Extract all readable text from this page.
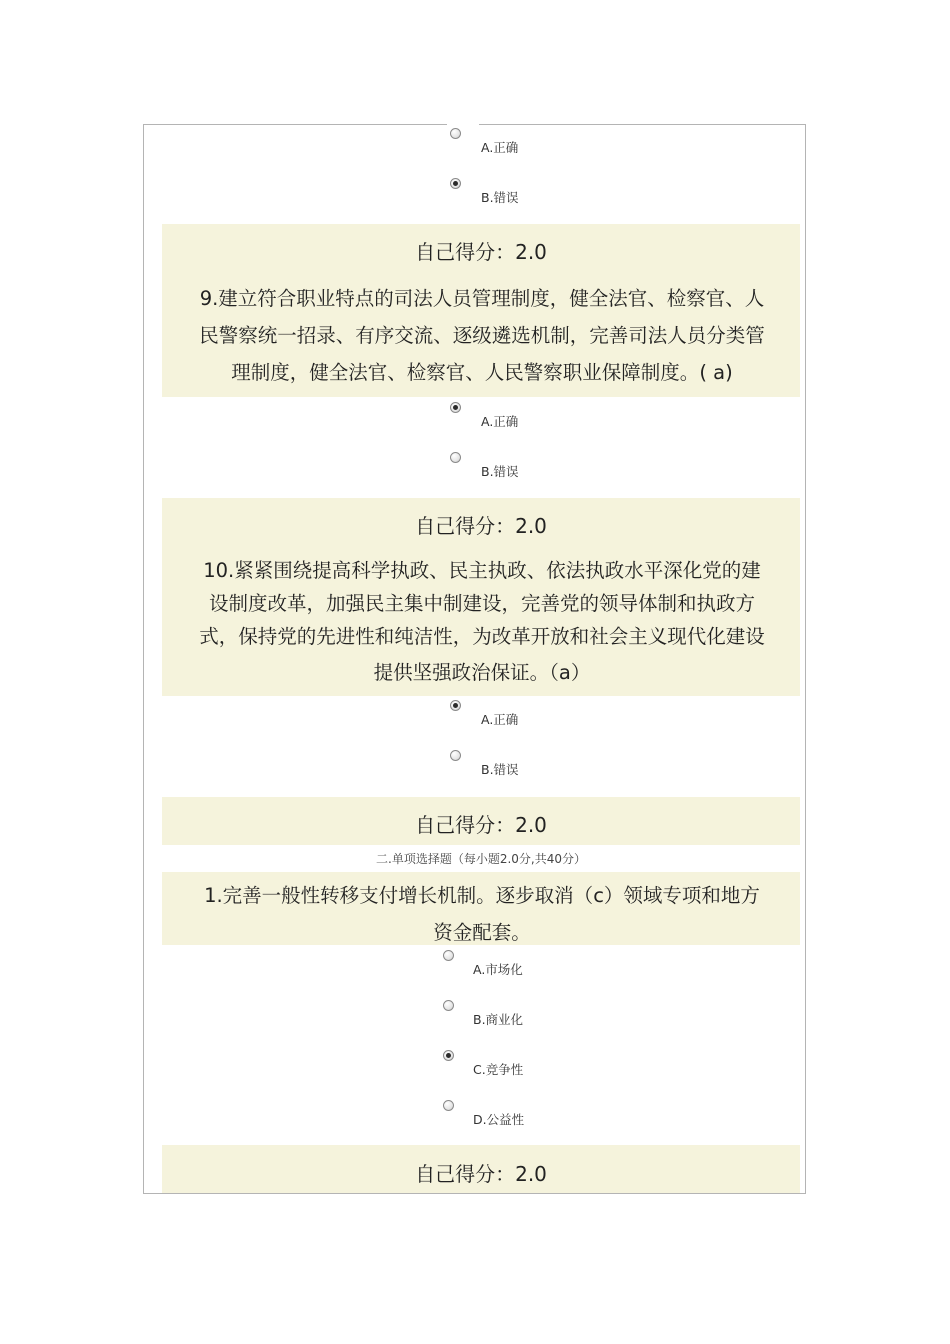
A.正确
B.错误
自己得分：2.0
9.建立符合职业特点的司法人员管理制度，健全法官、检察官、人
民警察统一招录、有序交流、逐级遴选机制，完善司法人员分类管
理制度，健全法官、检察官、人民警察职业保障制度。( a)
A.正确
B.错误
自己得分：2.0
10.紧紧围绕提高科学执政、民主执政、依法执政水平深化党的建
设制度改革，加强民主集中制建设，完善党的领导体制和执政方
式，保持党的先进性和纯洁性，为改革开放和社会主义现代化建设
提供坚强政治保证。（a）
A.正确
B.错误
自己得分：2.0
二.单项选择题（每小题2.0分,共40分）
1.完善一般性转移支付增长机制。逐步取消（c）领域专项和地方
资金配套。
A.市场化
B.商业化
C.竞争性
D.公益性
自己得分：2.0
